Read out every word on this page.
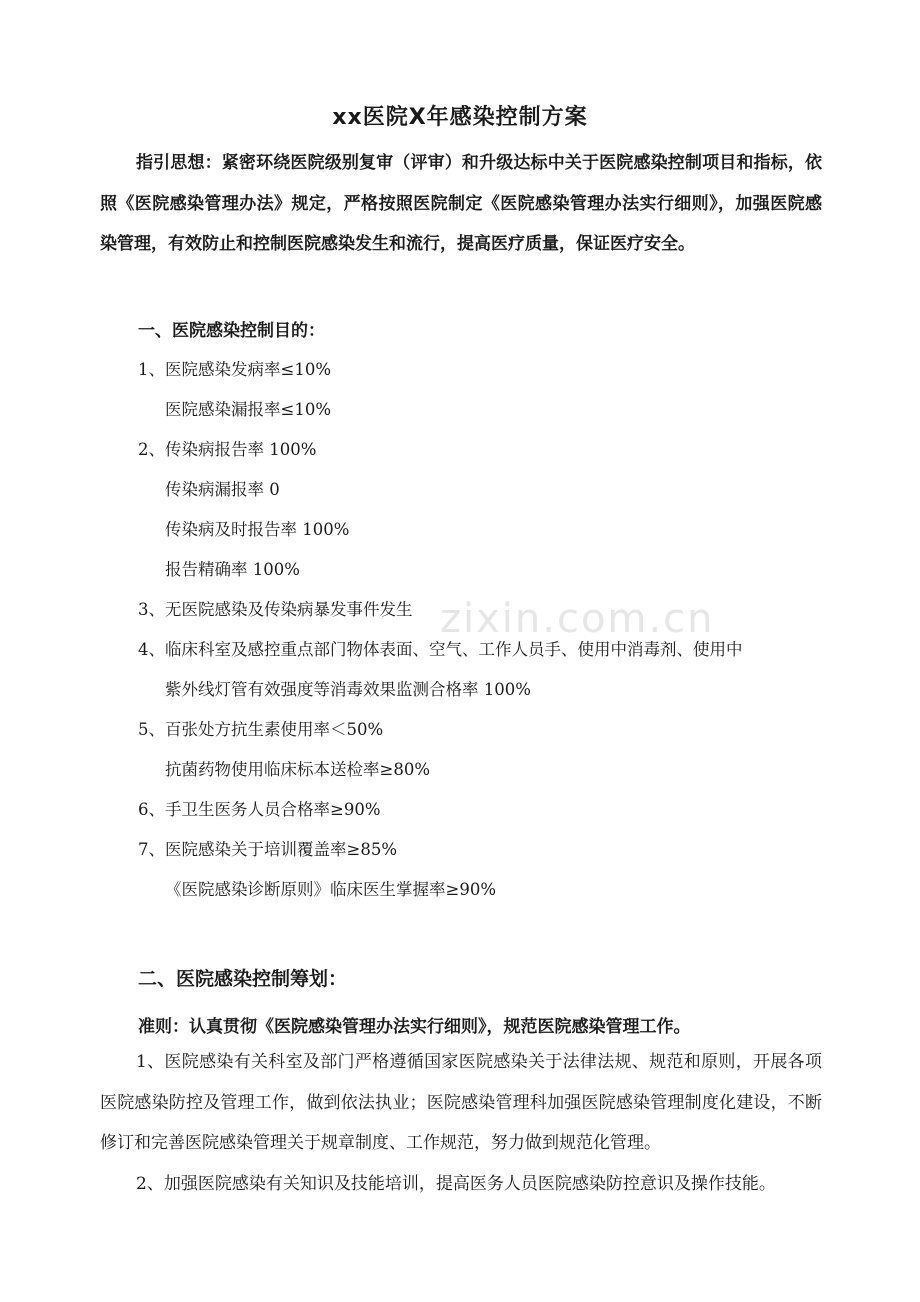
xx医院X年感染控制方案

指引思想：紧密环绕医院级别复审（评审）和升级达标中关于医院感染控制项目和指标，依照《医院感染管理办法》规定，严格按照医院制定《医院感染管理办法实行细则》，加强医院感染管理，有效防止和控制医院感染发生和流行，提高医疗质量，保证医疗安全。

一、医院感染控制目的：
1、医院感染发病率≤10%
医院感染漏报率≤10%
2、传染病报告率 100%
传染病漏报率 0
传染病及时报告率 100%
报告精确率 100%
zixin.com.cn
3、无医院感染及传染病暴发事件发生
4、临床科室及感控重点部门物体表面、空气、工作人员手、使用中消毒剂、使用中
紫外线灯管有效强度等消毒效果监测合格率 100%
5、百张处方抗生素使用率＜50%
抗菌药物使用临床标本送检率≥80%
6、手卫生医务人员合格率≥90%
7、医院感染关于培训覆盖率≥85%
《医院感染诊断原则》临床医生掌握率≥90%
二、医院感染控制筹划：
准则：认真贯彻《医院感染管理办法实行细则》，规范医院感染管理工作。

1、医院感染有关科室及部门严格遵循国家医院感染关于法律法规、规范和原则，开展各项医院感染防控及管理工作，做到依法执业；医院感染管理科加强医院感染管理制度化建设，不断修订和完善医院感染管理关于规章制度、工作规范，努力做到规范化管理。

2、加强医院感染有关知识及技能培训，提高医务人员医院感染防控意识及操作技能。
